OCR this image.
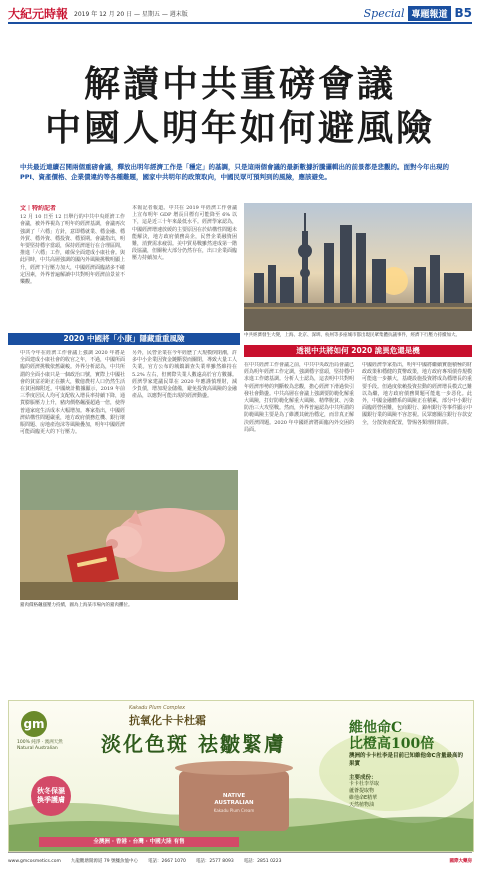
大紀元時報 2019 年 12 月 20 日 — 星期五 — 週末版	Special 專題報道 B5
解讀中共重磅會議
中國人明年如何避風險
中共最近連續召開兩個重磅會議，釋放出明年經濟工作是「穩定」的基調，只是這兩個會議的最新數據折騰邏輯出的前景都是悲觀的。面對今年出現的 PPI、資產價格、企業債違約等各種難題，國家中共明年的政策取向，中國民眾可預判到的風險，應該避免。
文｜特約記者
12 月 10 日至 12 日舉行的中共中央經濟工作會議，被外界視為了明年的經濟基調，會議再次強調了「六穩」方針，意即穩就業、穩金融、穩外貿、穩外資、穩投資、穩預期。會議指出，明年要堅持穩字當頭，保持經濟運行在合理區間，推進「六穩」工作，確保全面建成小康社會。與此同時，中共高層強調的國內外風險挑戰明顯上升，經濟下行壓力加大，中國經濟面臨諸多不確定因素，外界普遍解讀中共對明年經濟前景並不樂觀。
本報記者報道。中共在 2019 年經濟工作會議上宣布明年 GDP 增長目標有可能降至 6% 以下，這是近三十年來最低水平。經濟學家認為，中國經濟增速放緩的主要原因在於結構性問題未能解決，地方政府債務高企，民營企業融資困難，消費需求疲弱。美中貿易戰雖然達成第一階段協議，但關稅大部分仍然存在，出口企業面臨壓力持續加大。
中共經濟發生大變，上海、北京、深圳、杭州等多座城市都出現民眾集體抗議事件，經濟下行壓力持續加大。
2020 中國將「小康」隱藏重重風險
中共今年在經濟工作會議上強調 2020 年將是全面建成小康社會的收官之年，不過，中國所面臨的經濟挑戰依舊嚴峻。外界分析認為，中共所謂的全面小康只是一個政治口號，實際上中國社會的貧富差距正在擴大，數億農村人口仍然生活在貧困線附近。中國統計數據顯示，2019 年前三季度居民人均可支配收入增長率持續下降，通貨膨脹壓力上升，豬肉價格飆漲超過一倍，使得普通家庭生活成本大幅增加。專家指出，中國經濟結構性問題嚴重，地方政府債務危機、銀行壞賬問題、房地產泡沫等風險疊加，明年中國經濟可能面臨更大的下行壓力。
另外，民營企業在今年經歷了大規模倒閉潮，許多中小企業因資金鏈斷裂而關閉，導致大量工人失業。官方公布的城鎮調查失業率雖然維持在 5.2% 左右，但實際失業人數遠高於官方數據。經濟學家建議民眾在 2020 年應謹慎理財，減少負債，增加現金儲備，避免投資高風險的金融產品，以應對可能出現的經濟動盪。
豬肉價格飆漲壓力持續，圖為上海某市場內的豬肉攤位。
透視中共將如何 2020 詭異危還是機
在中共經濟工作會議之前，中共中央政治局會議已經為明年經濟工作定調，強調穩字當頭，堅持穩中求進工作總基調。分析人士認為，這表明中共對明年經濟形勢的判斷較為悲觀，擔心經濟下滑過快引發社會動盪。中共高層在會議上強調要防範化解重大風險，打好防範化解重大風險、精準脫貧、污染防治三大攻堅戰。然而，外界普遍認為中共所謂的防範風險主要是為了維護其統治穩定，而非真正解決經濟問題。2020 年中國經濟將面臨內外交困的局面。
中國經濟學家指出，明年中國將繼續實施積極的財政政策和穩健的貨幣政策，地方政府專項債券規模可能進一步擴大，基礎設施投資將成為穩增長的重要手段。但過度依賴投資拉動的經濟增長模式已難以為繼，地方政府債務問題可能進一步惡化。此外，中國金融體系的風險正在積累，部分中小銀行面臨經營困難，包商銀行、錦州銀行等事件顯示中國銀行業的風險不容忽視。民眾應關注銀行存款安全，分散資產配置，警惕各類理財陷阱。
gm
100% 純淨 · 澳洲天然
Natural Australian
秋冬保濕 換季護膚
Kakadu Plum Complex
抗氧化卡卡杜霜
淡化色斑 祛皺緊膚
NATIVE
AUSTRALIAN
Kakadu Plum Cream
維他命C
比橙高100倍
澳洲的卡卡杜李是目前已知維他命C含量最高的果實
主要成份：
卡卡杜李萃取
蘆薈提取物
維他命E精華
天然植物油
全澳洲 · 香港 · 台灣 · 中國大陸 有售
www.gmcosmetics.com 九龍觀塘開源道 79 號鱷魚恤中心 電話：2667 1070 電話：2577 8093 電話：2851 0223	國際大藥房
